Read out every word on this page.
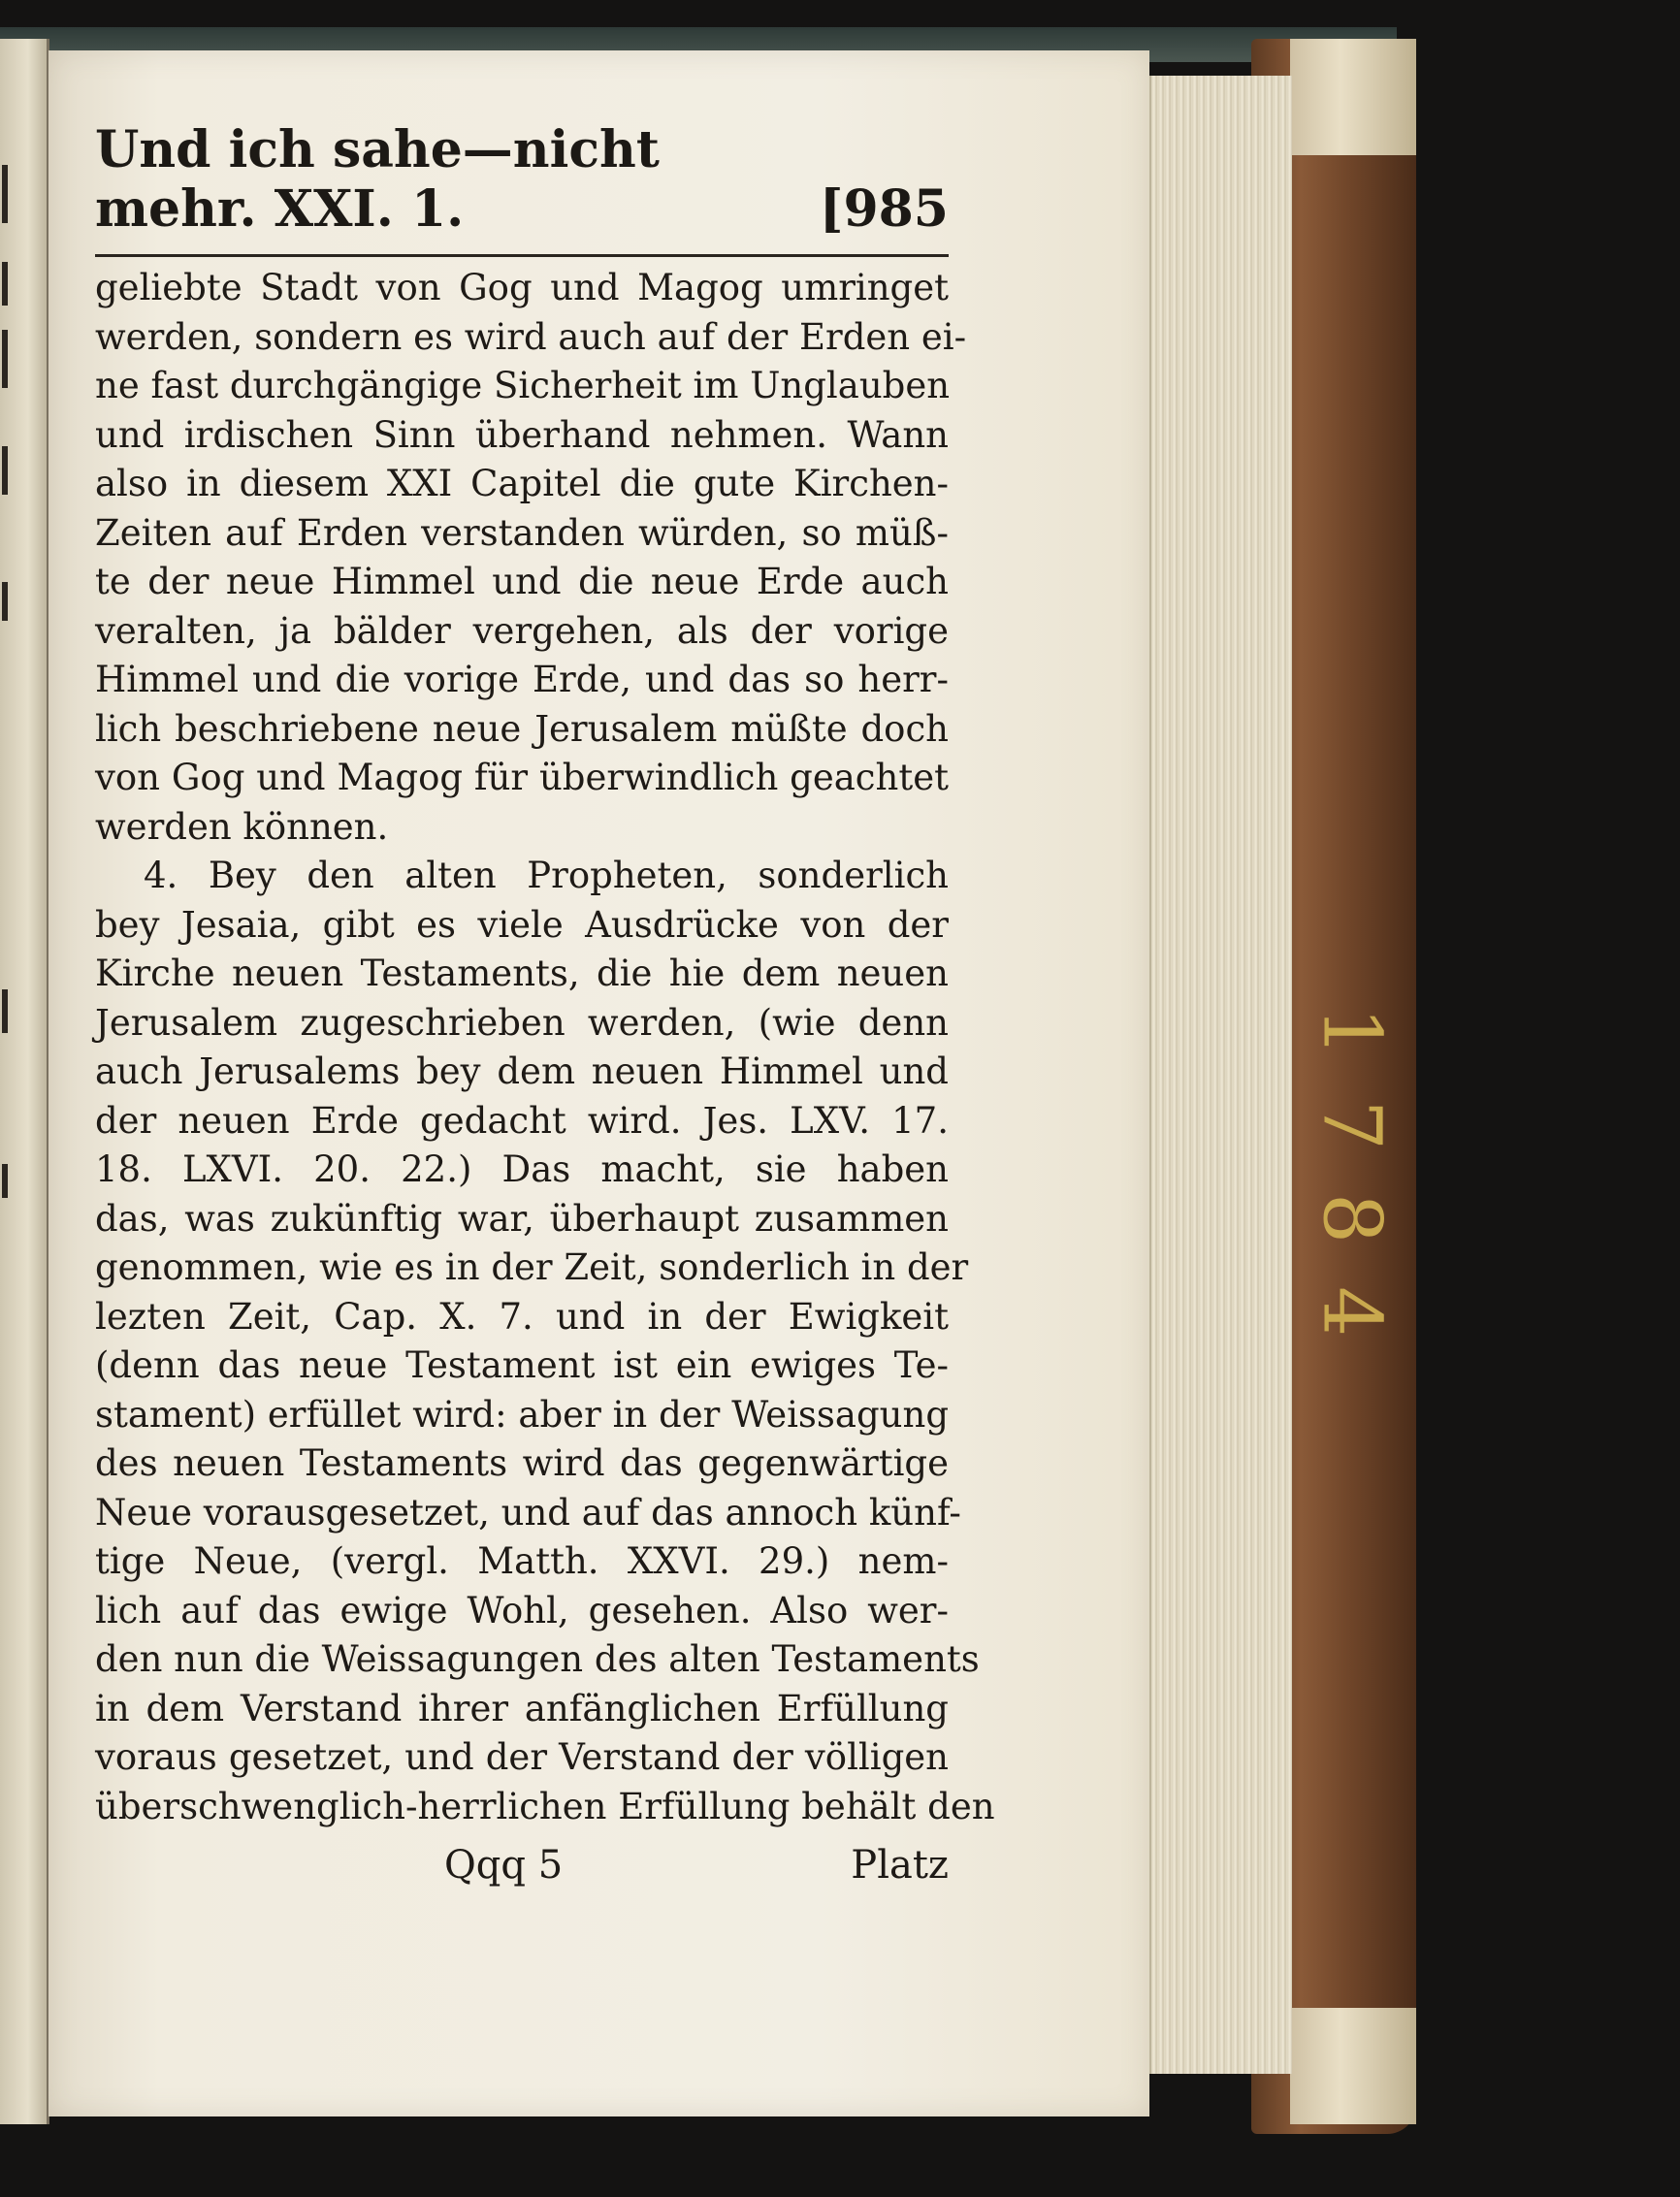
1784
Und ich sahe—nicht mehr. XXI. 1.	[985
geliebte Stadt von Gog und Magog umringet
werden, sondern es wird auch auf der Erden ei-
ne fast durchgängige Sicherheit im Unglauben
und irdischen Sinn überhand nehmen. Wann
also in diesem XXI Capitel die gute Kirchen-
Zeiten auf Erden verstanden würden, so müß-
te der neue Himmel und die neue Erde auch
veralten, ja bälder vergehen, als der vorige
Himmel und die vorige Erde, und das so herr-
lich beschriebene neue Jerusalem müßte doch
von Gog und Magog für überwindlich geachtet
werden können.
4. Bey den alten Propheten, sonderlich
bey Jesaia, gibt es viele Ausdrücke von der
Kirche neuen Testaments, die hie dem neuen
Jerusalem zugeschrieben werden, (wie denn
auch Jerusalems bey dem neuen Himmel und
der neuen Erde gedacht wird. Jes. LXV. 17.
18. LXVI. 20. 22.) Das macht, sie haben
das, was zukünftig war, überhaupt zusammen
genommen, wie es in der Zeit, sonderlich in der
lezten Zeit, Cap. X. 7. und in der Ewigkeit
(denn das neue Testament ist ein ewiges Te-
stament) erfüllet wird: aber in der Weissagung
des neuen Testaments wird das gegenwärtige
Neue vorausgesetzet, und auf das annoch künf-
tige Neue, (vergl. Matth. XXVI. 29.) nem-
lich auf das ewige Wohl, gesehen. Also wer-
den nun die Weissagungen des alten Testaments
in dem Verstand ihrer anfänglichen Erfüllung
voraus gesetzet, und der Verstand der völligen
überschwenglich-herrlichen Erfüllung behält den
Qqq 5	Platz
